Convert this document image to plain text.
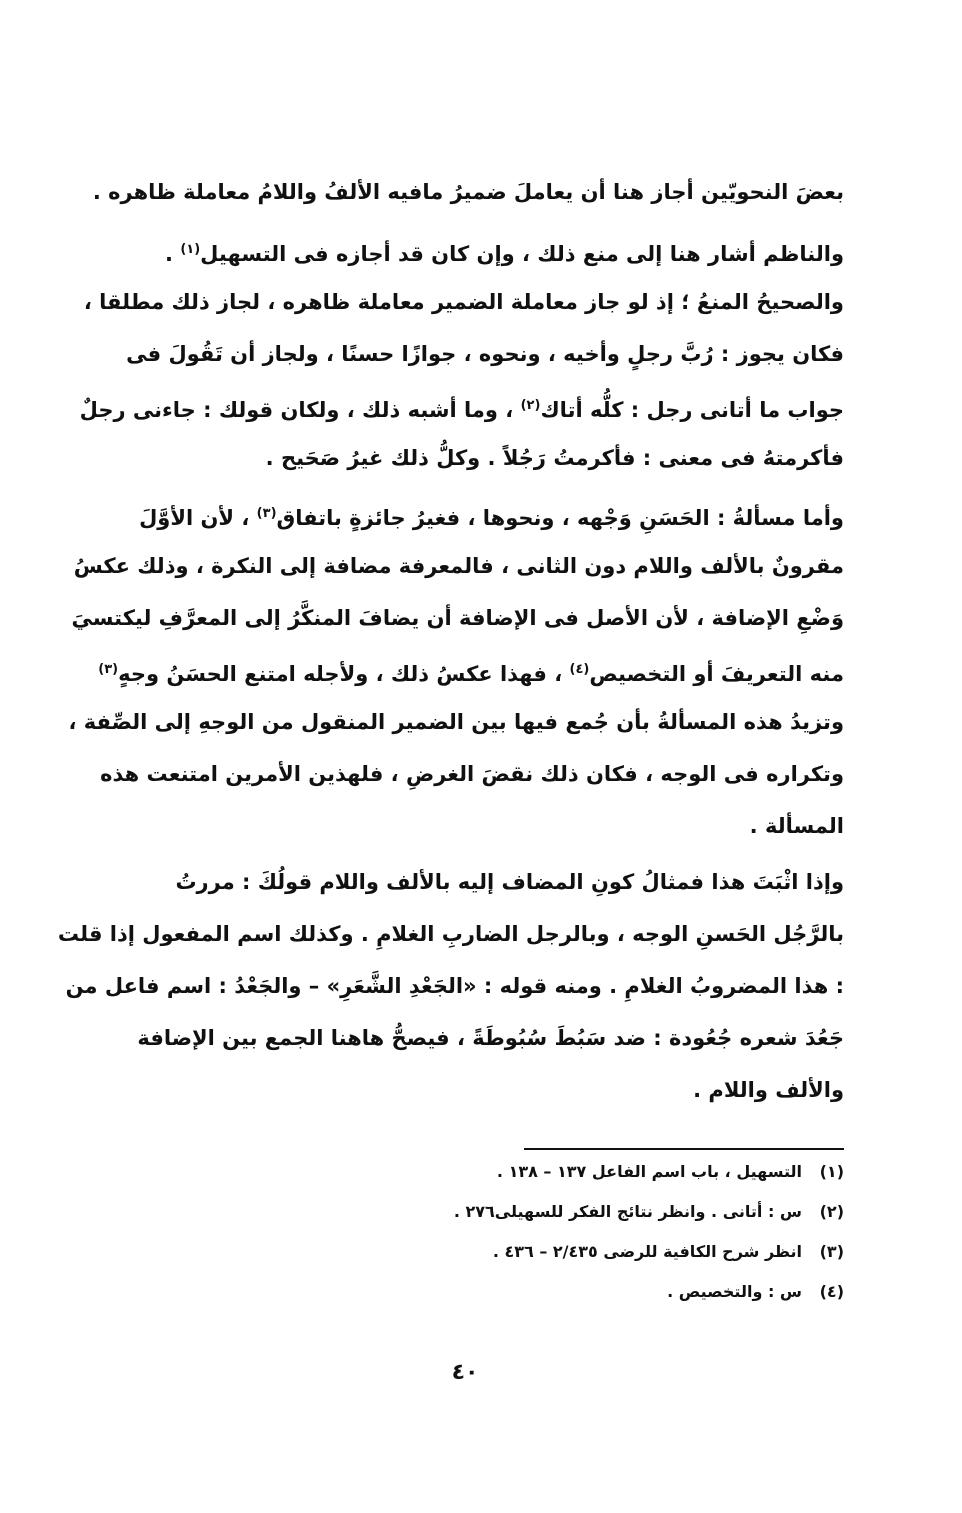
بعضَ النحويّين أجاز هنا أن يعاملَ ضميرُ مافيه الألفُ واللامُ معاملة ظاهره .
والناظم أشار هنا إلى منع ذلك ، وإن كان قد أجازه فى التسهيل$^{(١)}$ .
والصحيحُ المنعُ ؛ إذ لو جاز معاملة الضمير معاملة ظاهره ، لجاز ذلك مطلقا ،
فكان يجوز : رُبَّ رجلٍ وأخيه ، ونحوه ، جوازًا حسنًا ، ولجاز أن تَقُولَ فى
جواب ما أتانى رجل : كلُّه أتاك$^{(٢)}$ ، وما أشبه ذلك ، ولكان قولك : جاءنى رجلٌ
فأكرمتهُ فى معنى : فأكرمتُ رَجُلاً . وكلُّ ذلك غيرُ صَحَيح .
وأما مسألةُ : الحَسَنِ وَجْهه ، ونحوها ، فغيرُ جائزةٍ باتفاق$^{(٣)}$ ، لأن الأوَّلَ
مقرونٌ بالألف واللام دون الثانى ، فالمعرفة مضافة إلى النكرة ، وذلك عكسُ
وَضْعِ الإضافة ، لأن الأصل فى الإضافة أن يضافَ المنكَّرُ إلى المعرَّفِ ليكتسيَ
منه التعريفَ أو التخصيص$^{(٤)}$ ، فهذا عكسُ ذلك ، ولأجله امتنع الحسَنُ وجهٍ$^{(٣)}$
وتزيدُ هذه المسألةُ بأن جُمع فيها بين الضمير المنقول من الوجهِ إلى الصِّفة ،
وتكراره فى الوجه ، فكان ذلك نقضَ الغرضِ ، فلهذين الأمرين امتنعت هذه
المسألة .
وإذا اثْبَتَ هذا فمثالُ كونِ المضاف إليه بالألف واللام قولُكَ : مررتُ
بالرَّجُل الحَسنِ الوجه ، وبالرجل الضاربِ الغلامِ . وكذلك اسم المفعول إذا قلت
: هذا المضروبُ الغلامِ . ومنه قوله : «الجَعْدِ الشَّعَرِ» – والجَعْدُ : اسم فاعل من
جَعُدَ شعره جُعُودة : ضد سَبُطَ سُبُوطَةً ، فيصحُّ هاهنا الجمع بين الإضافة
والألف واللام .
(١)
التسهيل ، باب اسم الفاعل ١٣٧ – ١٣٨ .
(٢)
س : أتانى . وانظر نتائج الفكر للسهيلى٢٧٦ .
(٣)
انظر شرح الكافية للرضى ٢/٤٣٥ – ٤٣٦ .
(٤)
س : والتخصيص .
٤٠
